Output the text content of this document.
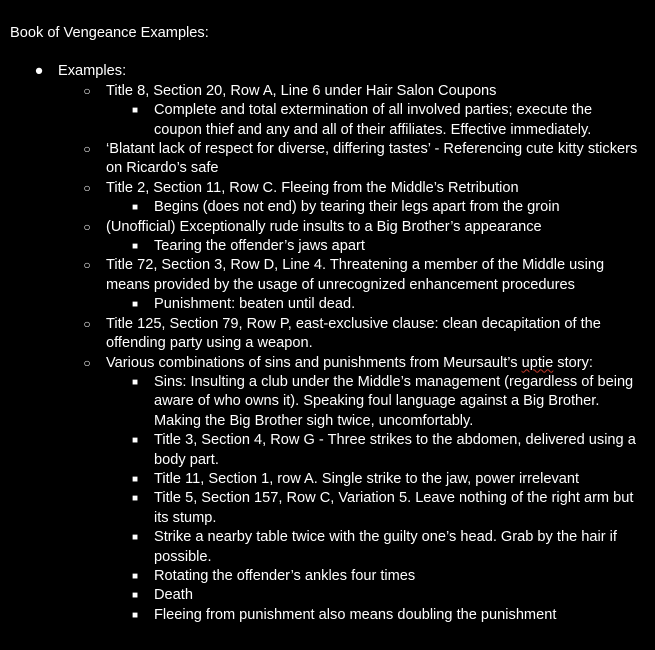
Book of Vengeance Examples:
● Examples:
○ Title 8, Section 20, Row A, Line 6 under Hair Salon Coupons
■ Complete and total extermination of all involved parties; execute the coupon thief and any and all of their affiliates. Effective immediately.
○ ‘Blatant lack of respect for diverse, differing tastes’ - Referencing cute kitty stickers on Ricardo’s safe
○ Title 2, Section 11, Row C. Fleeing from the Middle’s Retribution
■ Begins (does not end) by tearing their legs apart from the groin
○ (Unofficial) Exceptionally rude insults to a Big Brother’s appearance
■ Tearing the offender’s jaws apart
○ Title 72, Section 3, Row D, Line 4. Threatening a member of the Middle using means provided by the usage of unrecognized enhancement procedures
■ Punishment: beaten until dead.
○ Title 125, Section 79, Row P, east-exclusive clause: clean decapitation of the offending party using a weapon.
○ Various combinations of sins and punishments from Meursault’s uptie story:
■ Sins: Insulting a club under the Middle’s management (regardless of being aware of who owns it). Speaking foul language against a Big Brother. Making the Big Brother sigh twice, uncomfortably.
■ Title 3, Section 4, Row G - Three strikes to the abdomen, delivered using a body part.
■ Title 11, Section 1, row A. Single strike to the jaw, power irrelevant
■ Title 5, Section 157, Row C, Variation 5. Leave nothing of the right arm but its stump.
■ Strike a nearby table twice with the guilty one’s head. Grab by the hair if possible.
■ Rotating the offender’s ankles four times
■ Death
■ Fleeing from punishment also means doubling the punishment
